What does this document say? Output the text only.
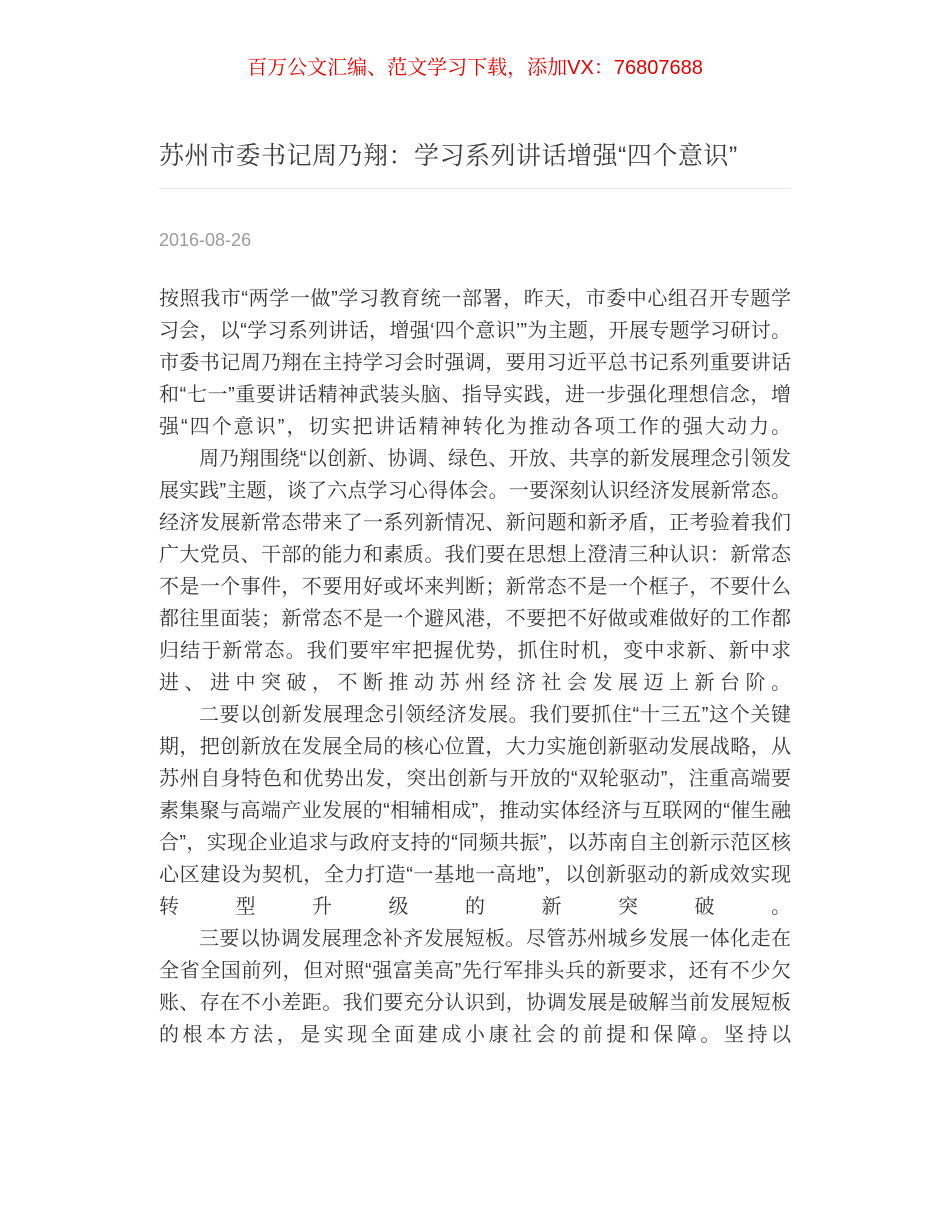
百万公文汇编、范文学习下载，添加VX：76807688
苏州市委书记周乃翔：学习系列讲话增强“四个意识”
2016-08-26

按照我市“两学一做”学习教育统一部署，昨天，市委中心组召开专题学习会，以“学习系列讲话，增强‘四个意识’”为主题，开展专题学习研讨。市委书记周乃翔在主持学习会时强调，要用习近平总书记系列重要讲话和“七一”重要讲话精神武装头脑、指导实践，进一步强化理想信念，增强“四个意识”，切实把讲话精神转化为推动各项工作的强大动力。

周乃翔围绕“以创新、协调、绿色、开放、共享的新发展理念引领发展实践”主题，谈了六点学习心得体会。一要深刻认识经济发展新常态。经济发展新常态带来了一系列新情况、新问题和新矛盾，正考验着我们广大党员、干部的能力和素质。我们要在思想上澄清三种认识：新常态不是一个事件，不要用好或坏来判断；新常态不是一个框子，不要什么都往里面装；新常态不是一个避风港，不要把不好做或难做好的工作都归结于新常态。我们要牢牢把握优势，抓住时机，变中求新、新中求进、进中突破，不断推动苏州经济社会发展迈上新台阶。

二要以创新发展理念引领经济发展。我们要抓住“十三五”这个关键期，把创新放在发展全局的核心位置，大力实施创新驱动发展战略，从苏州自身特色和优势出发，突出创新与开放的“双轮驱动”，注重高端要素集聚与高端产业发展的“相辅相成”，推动实体经济与互联网的“催生融合”，实现企业追求与政府支持的“同频共振”，以苏南自主创新示范区核心区建设为契机，全力打造“一基地一高地”，以创新驱动的新成效实现转型升级的新突破。

三要以协调发展理念补齐发展短板。尽管苏州城乡发展一体化走在全省全国前列，但对照“强富美高”先行军排头兵的新要求，还有不少欠账、存在不小差距。我们要充分认识到，协调发展是破解当前发展短板的根本方法，是实现全面建成小康社会的前提和保障。坚持以
